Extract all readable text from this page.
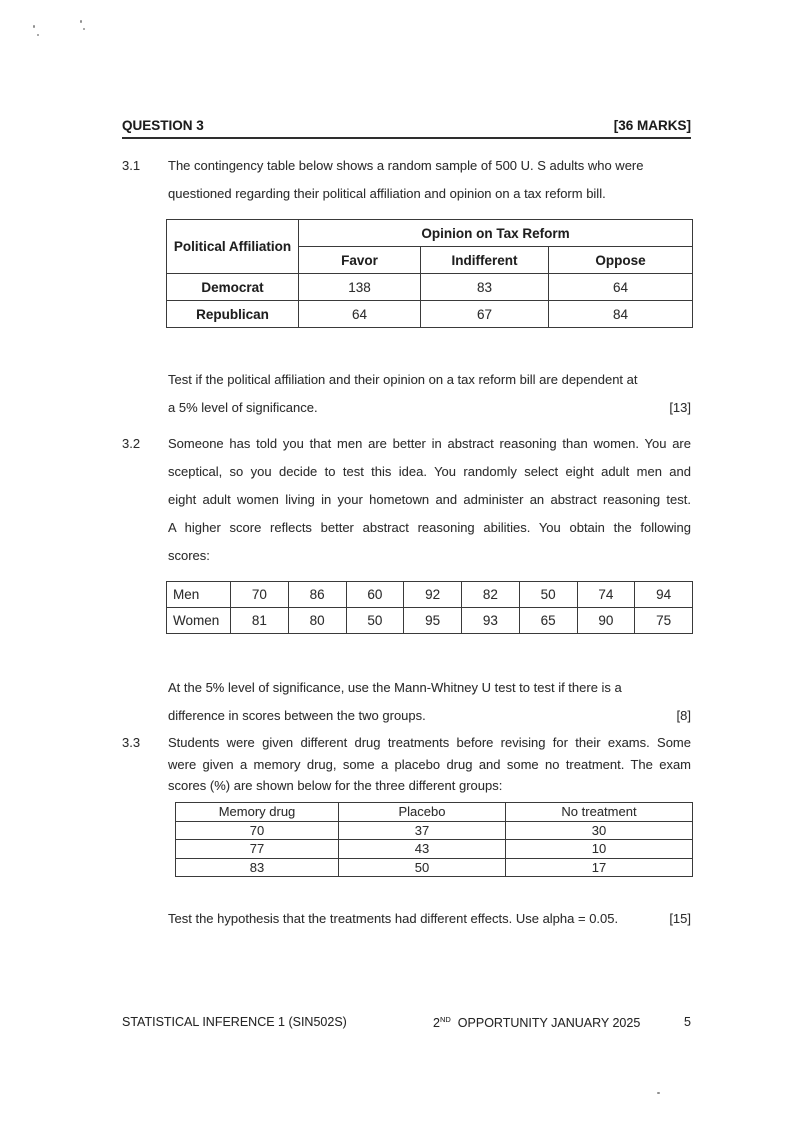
QUESTION 3	[36 MARKS]
3.1	The contingency table below shows a random sample of 500 U. S adults who were
questioned regarding their political affiliation and opinion on a tax reform bill.
Political Affiliation	Opinion on Tax Reform		
	Favor	Indifferent	Oppose
Democrat	138	83	64
Republican	64	67	84
Test if the political affiliation and their opinion on a tax reform bill are dependent at
a 5% level of significance.	[13]
3.2	Someone has told you that men are better in abstract reasoning than women. You are
sceptical, so you decide to test this idea. You randomly select eight adult men and
eight adult women living in your hometown and administer an abstract reasoning test.
A higher score reflects better abstract reasoning abilities. You obtain the following
scores:
Men	70	86	60	92	82	50	74	94
Women	81	80	50	95	93	65	90	75
At the 5% level of significance, use the Mann-Whitney U test to test if there is a
difference in scores between the two groups.	[8]
3.3	Students were given different drug treatments before revising for their exams. Some
were given a memory drug, some a placebo drug and some no treatment. The exam
scores (%) are shown below for the three different groups:
Memory drug	Placebo	No treatment
70	37	30
77	43	10
83	50	17
Test the hypothesis that the treatments had different effects. Use alpha = 0.05.	[15]
STATISTICAL INFERENCE 1 (SIN502S)	2ND OPPORTUNITY JANUARY 2025	5
